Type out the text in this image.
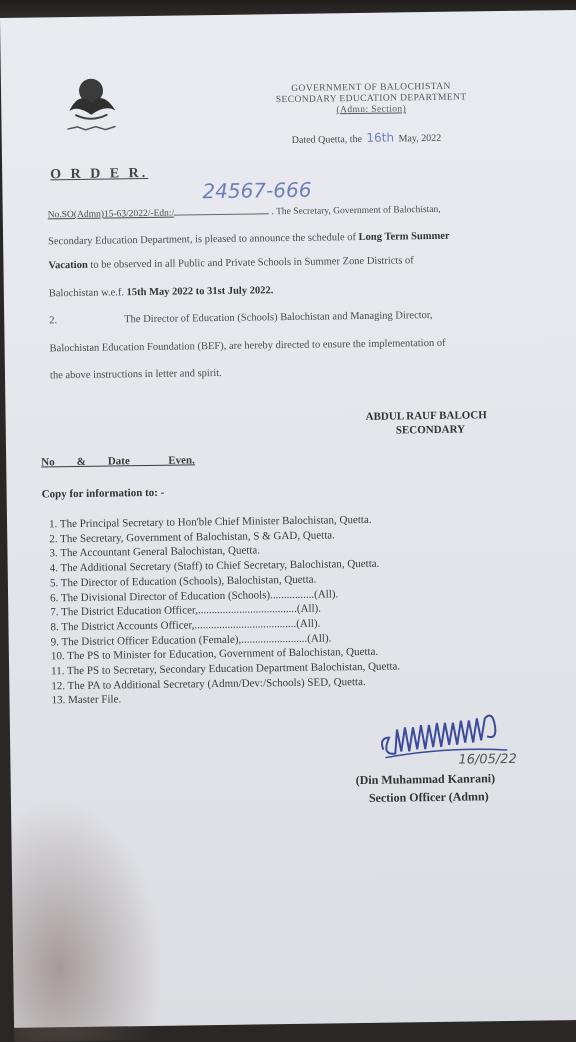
GOVERNMENT OF BALOCHISTAN
SECONDARY EDUCATION DEPARTMENT
(Admn: Section)
Dated Quetta, the 16th May, 2022
O R D E R.
24567-666
No.SO(Admn)15-63/2022/-Edn:/	. The Secretary, Government of Balochistan,
Secondary Education Department, is pleased to announce the schedule of Long Term Summer
Vacation to be observed in all Public and Private Schools in Summer Zone Districts of
Balochistan w.e.f. 15th May 2022 to 31st July 2022.
2.	The Director of Education (Schools) Balochistan and Managing Director,
Balochistan Education Foundation (BEF), are hereby directed to ensure the implementation of
the above instructions in letter and spirit.
ABDUL RAUF BALOCH
SECONDARY
No        &        Date              Even.
Copy for information to: -
1. The Principal Secretary to Hon'ble Chief Minister Balochistan, Quetta.
2. The Secretary, Government of Balochistan, S & GAD, Quetta.
3. The Accountant General Balochistan, Quetta.
4. The Additional Secretary (Staff) to Chief Secretary, Balochistan, Quetta.
5. The Director of Education (Schools), Balochistan, Quetta.
6. The Divisional Director of Education (Schools)................(All).
7. The District Education Officer,....................................(All).
8. The District Accounts Officer,.....................................(All).
9. The District Officer Education (Female),........................(All).
10. The PS to Minister for Education, Government of Balochistan, Quetta.
11. The PS to Secretary, Secondary Education Department Balochistan, Quetta.
12. The PA to Additional Secretary (Admn/Dev:/Schools) SED, Quetta.
13. Master File.
16/05/22
(Din Muhammad Kanrani)
Section Officer (Admn)
